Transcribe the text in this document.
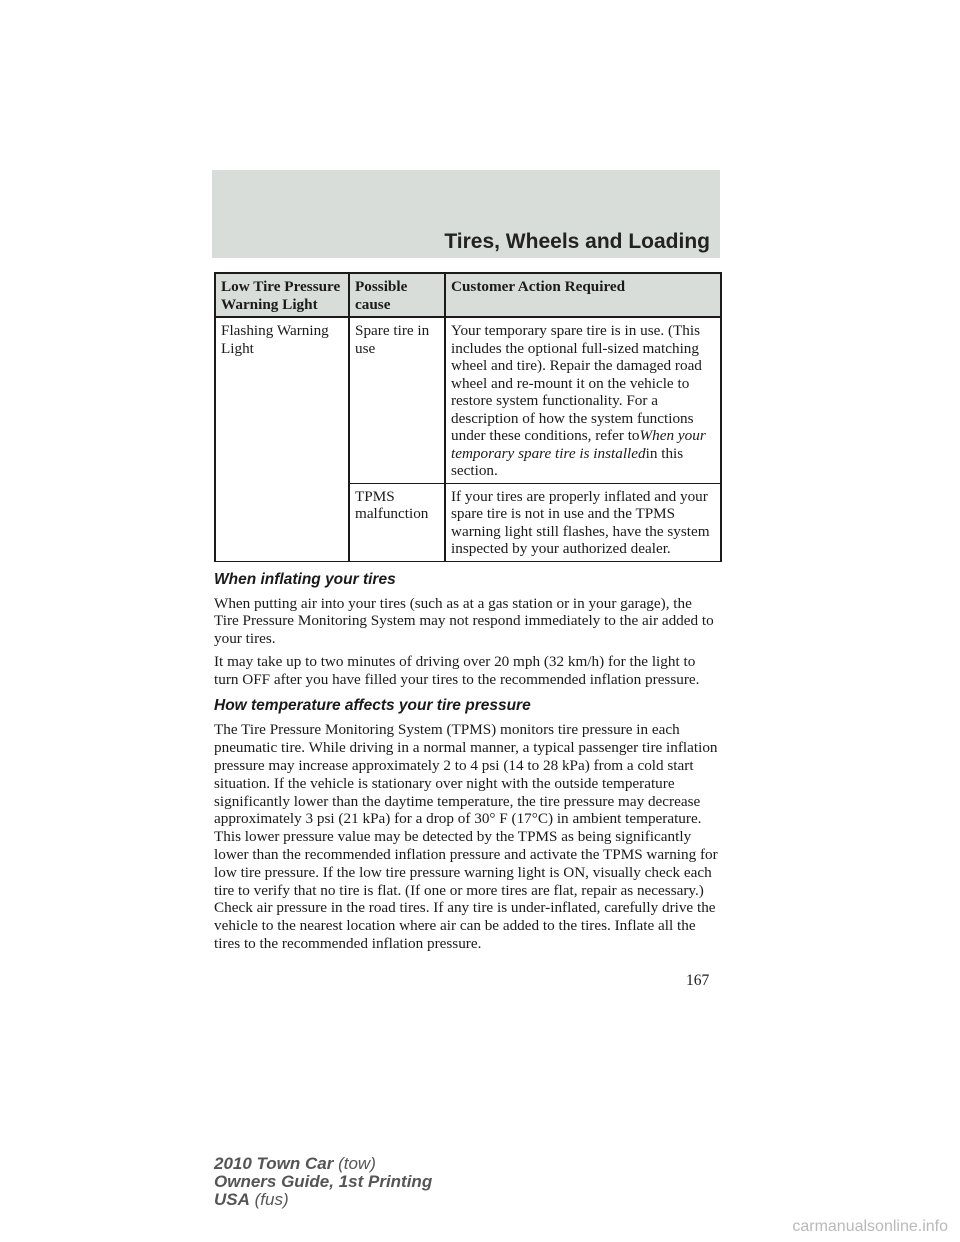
Tires, Wheels and Loading
Low Tire Pressure Warning Light	Possible cause	Customer Action Required
Flashing Warning Light	Spare tire in use	Your temporary spare tire is in use. (This includes the optional full-sized matching wheel and tire). Repair the damaged road wheel and re-mount it on the vehicle to restore system functionality. For a description of how the system functions under these conditions, refer toWhen your temporary spare tire is installedin this section.
	TPMS malfunction	If your tires are properly inflated and your spare tire is not in use and the TPMS warning light still flashes, have the system inspected by your authorized dealer.
When inflating your tires

When putting air into your tires (such as at a gas station or in your garage), the Tire Pressure Monitoring System may not respond immediately to the air added to your tires.

It may take up to two minutes of driving over 20 mph (32 km/h) for the light to turn OFF after you have filled your tires to the recommended inflation pressure.

How temperature affects your tire pressure

The Tire Pressure Monitoring System (TPMS) monitors tire pressure in each pneumatic tire. While driving in a normal manner, a typical passenger tire inflation pressure may increase approximately 2 to 4 psi (14 to 28 kPa) from a cold start situation. If the vehicle is stationary over night with the outside temperature significantly lower than the daytime temperature, the tire pressure may decrease approximately 3 psi (21 kPa) for a drop of 30° F (17°C) in ambient temperature. This lower pressure value may be detected by the TPMS as being significantly lower than the recommended inflation pressure and activate the TPMS warning for low tire pressure. If the low tire pressure warning light is ON, visually check each tire to verify that no tire is flat. (If one or more tires are flat, repair as necessary.) Check air pressure in the road tires. If any tire is under-inflated, carefully drive the vehicle to the nearest location where air can be added to the tires. Inflate all the tires to the recommended inflation pressure.

167
2010 Town Car (tow)
Owners Guide, 1st Printing
USA (fus)
carmanualsonline.info
